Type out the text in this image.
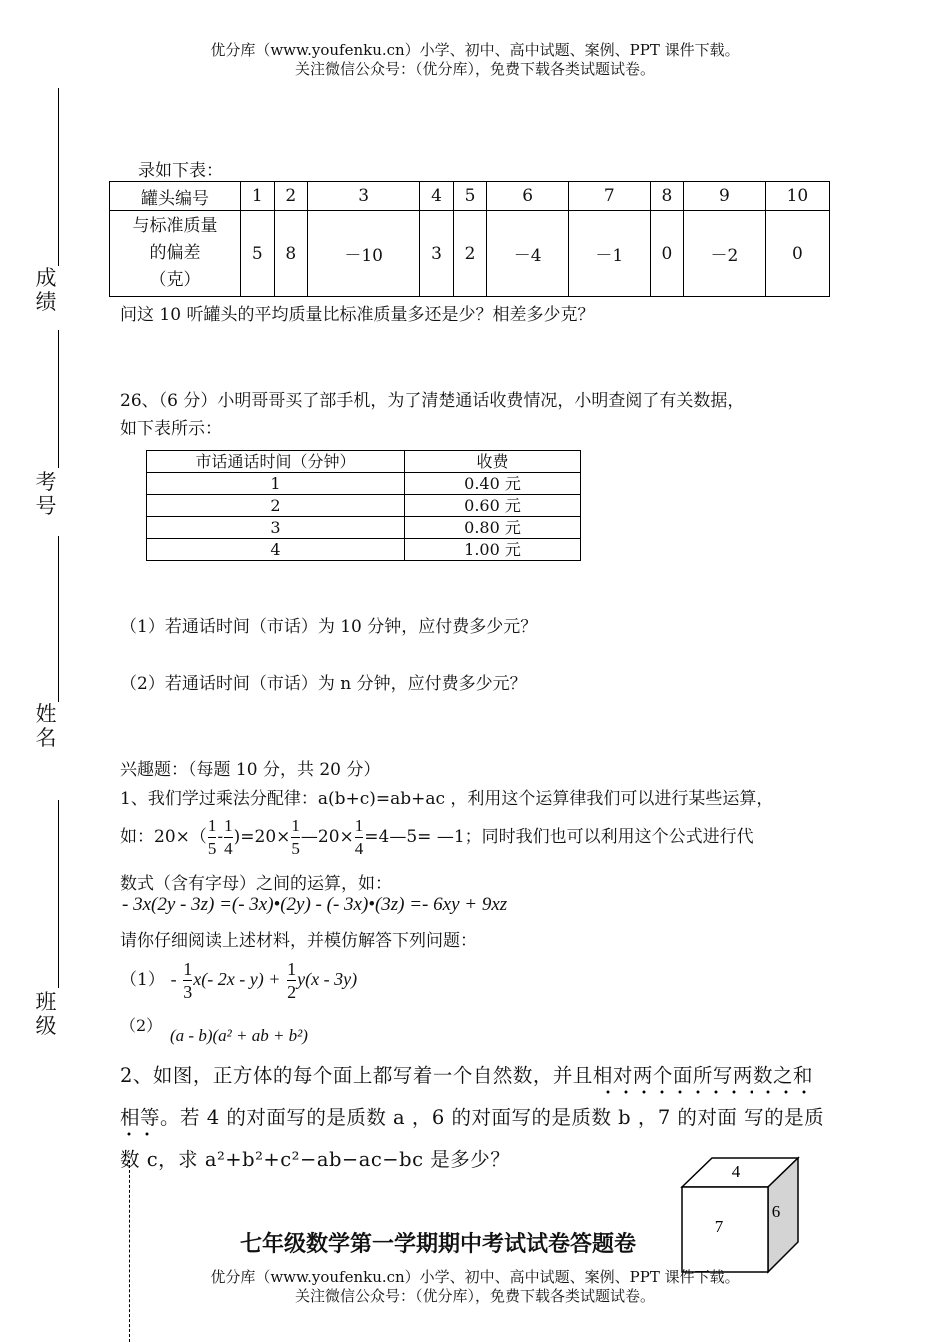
优分库（www.youfenku.cn）小学、初中、高中试题、案例、PPT 课件下载。
关注微信公众号：（优分库），免费下载各类试题试卷。
成
绩
考
号
姓
名
班
级
录如下表：
罐头编号	1	2	3	4	5	6	7	8	9	10

与标准质量
的偏差
（克）	5	8	－10	3	2	－4	－1	0	－2	0
问这 10 听罐头的平均质量比标准质量多还是少？相差多少克？
26、（6 分）小明哥哥买了部手机，为了清楚通话收费情况，小明查阅了有关数据，
如下表所示：
市话通话时间（分钟）	收费
1	0.40 元
2	0.60 元
3	0.80 元
4	1.00 元
（1）若通话时间（市话）为 10 分钟，应付费多少元？
（2）若通话时间（市话）为 n 分钟，应付费多少元？
兴趣题：（每题 10 分，共 20 分）
1、我们学过乘法分配律：a(b+c)=ab+ac ，利用这个运算律我们可以进行某些运算，
如：$20\times( \frac{1}{5} - \frac{1}{4} )=20\times \frac{1}{5}$ —20× $\frac{1}{4}$ =4—5= —1；同时我们也可以利用这个公式进行代
数式（含有字母）之间的运算，如：
- 3x(2y - 3z) =(- 3x)•(2y) - (- 3x)•(3z) =- 6xy + 9xz
请你仔细阅读上述材料，并模仿解答下列问题：
$(1) - \frac{1}{3} x(-$ $2x - y) + \frac{1}{2} y(x - 3y)$
（2）
(a - b)(a² + ab + b²)
2、如图，正方体的每个面上都写着一个自然数，并且相对两个面所写两数之和相等。若 4 的对面写的是质数 a ，6 的对面写的是质数 b ，7 的对面 写的是质数 c，求 a²+b²+c²−ab−ac−bc 是多少？
七年级数学第一学期期中考试试卷答题卷
4
7
6
优分库（www.youfenku.cn）小学、初中、高中试题、案例、PPT 课件下载。
关注微信公众号：（优分库），免费下载各类试题试卷。
